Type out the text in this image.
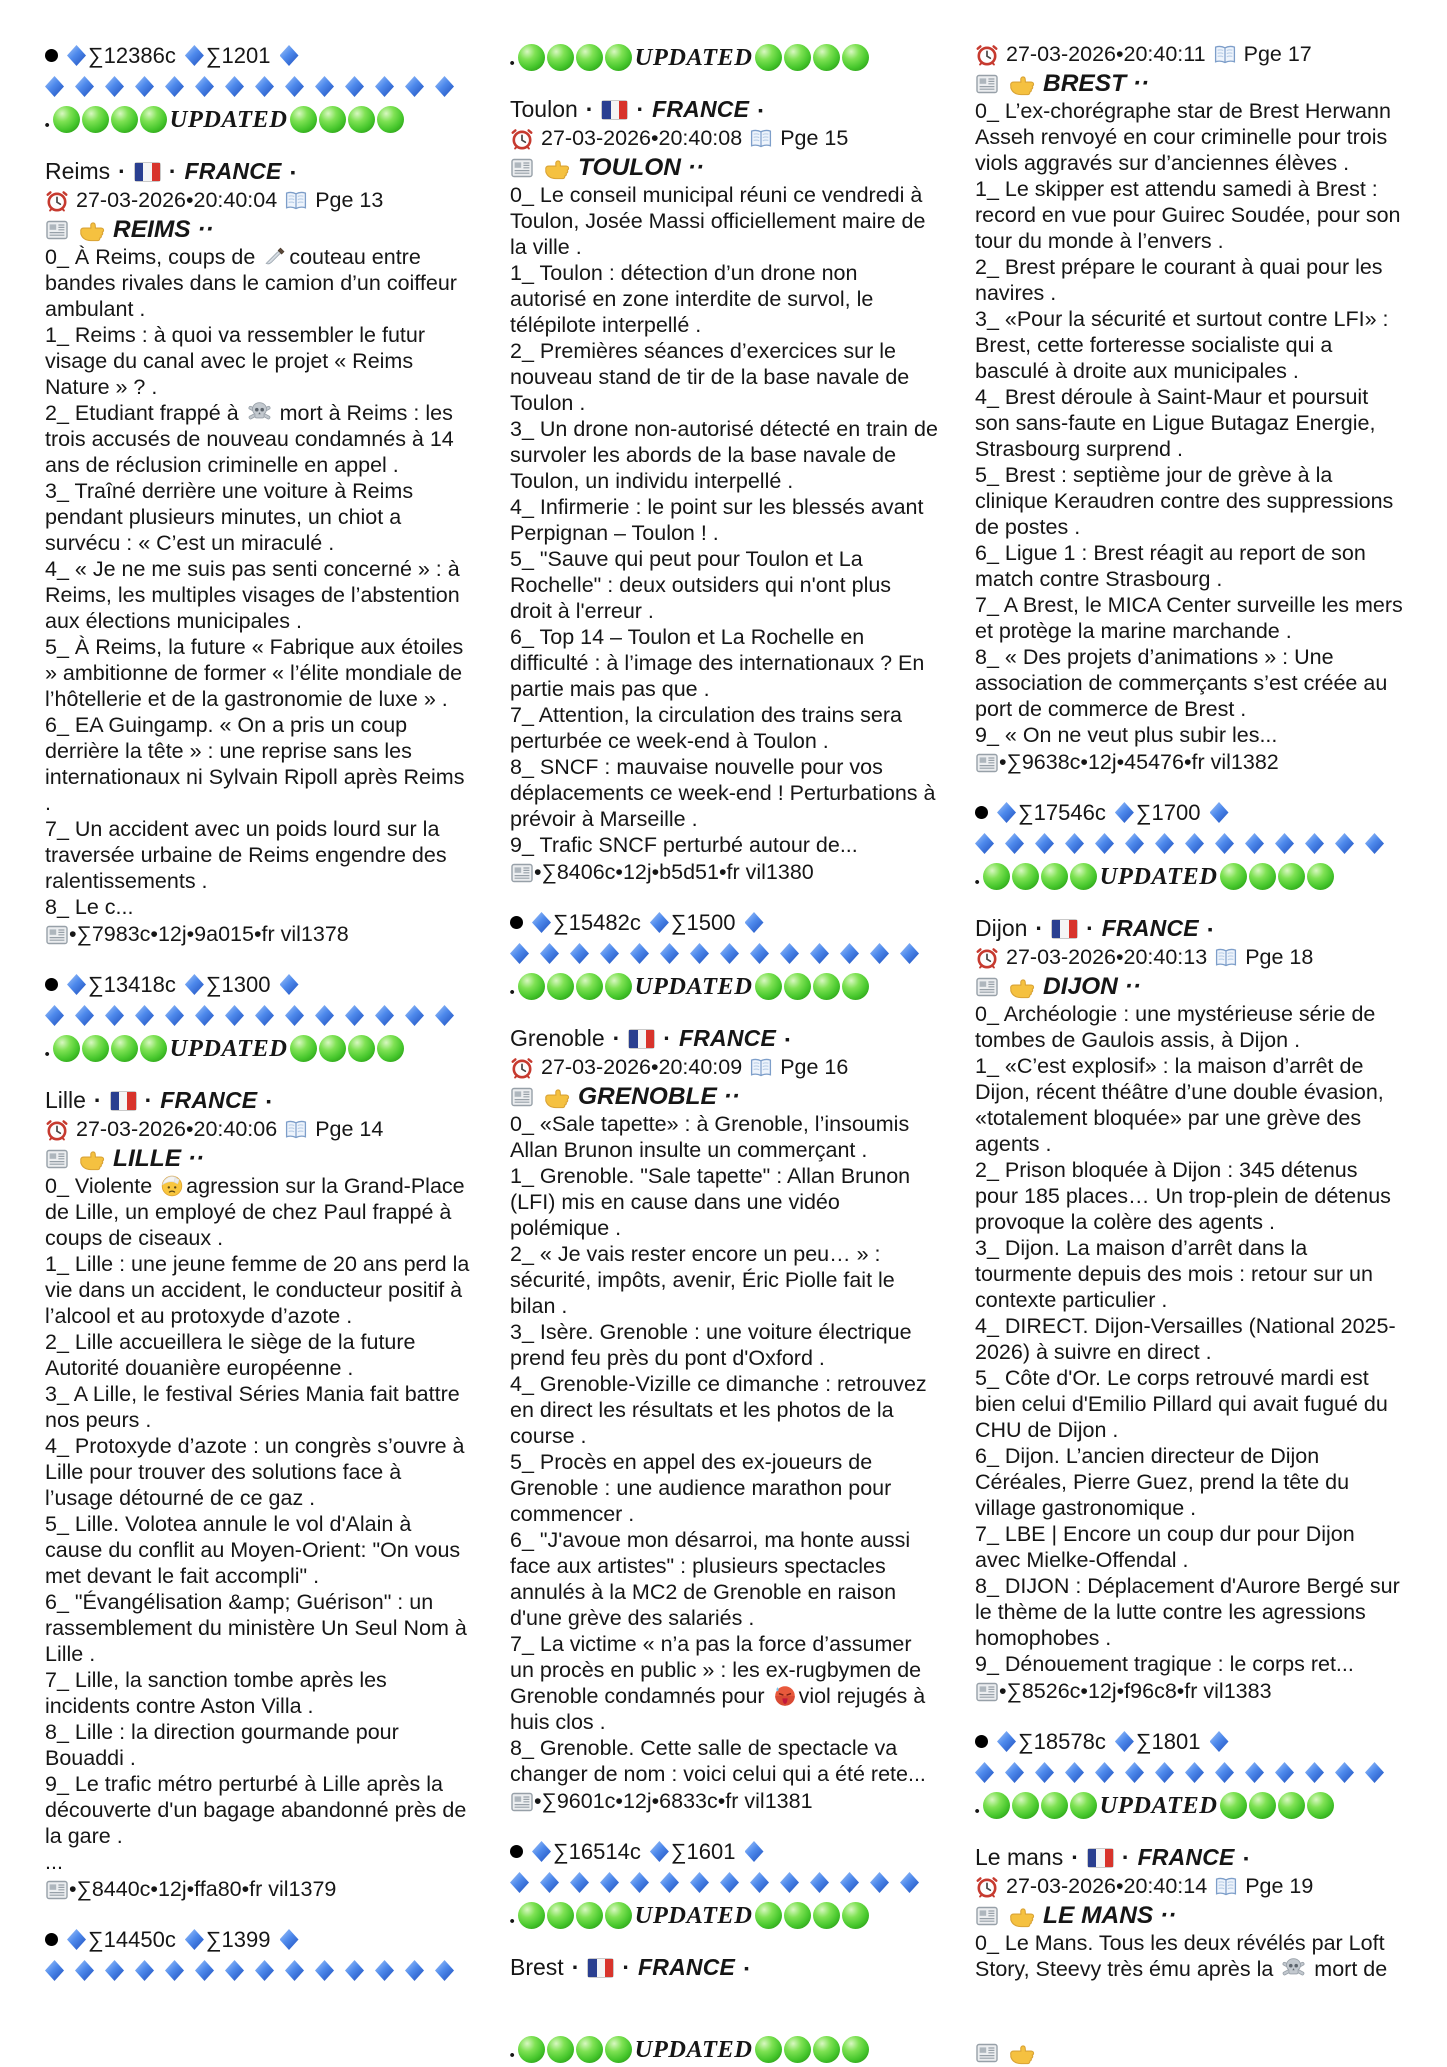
∑12386c ∑1201
.	UPDATED
Reims · · FRANCE ▪
27-03-2026•20:40:04 Pge 13
REIMS ··

0_ À Reims, coups de
couteau entre bandes rivales dans le camion d’un coiffeur ambulant .

1_ Reims : à quoi va ressembler le futur visage du canal avec le projet « Reims Nature » ? .

2_ Etudiant frappé à
mort à Reims : les trois accusés de nouveau condamnés à 14 ans de réclusion criminelle en appel .

3_ Traîné derrière une voiture à Reims pendant plusieurs minutes, un chiot a survécu : « C’est un miraculé .

4_ « Je ne me suis pas senti concerné » : à Reims, les multiples visages de l’abstention aux élections municipales .

5_ À Reims, la future « Fabrique aux étoiles » ambitionne de former « l’élite mondiale de l’hôtellerie et de la gastronomie de luxe » .

6_ EA Guingamp. « On a pris un coup derrière la tête » : une reprise sans les internationaux ni Sylvain Ripoll après Reims .

7_ Un accident avec un poids lourd sur la traversée urbaine de Reims engendre des ralentissements .

8_ Le c...

•∑7983c•12j•9a015•fr vil1378
∑13418c ∑1300
.	UPDATED
Lille · · FRANCE ▪
27-03-2026•20:40:06 Pge 14
LILLE ··

0_ Violente
agression sur la Grand-Place de Lille, un employé de chez Paul frappé à coups de ciseaux .

1_ Lille : une jeune femme de 20 ans perd la vie dans un accident, le conducteur positif à l’alcool et au protoxyde d’azote .

2_ Lille accueillera le siège de la future Autorité douanière européenne .

3_ A Lille, le festival Séries Mania fait battre nos peurs .

4_ Protoxyde d’azote : un congrès s’ouvre à Lille pour trouver des solutions face à l’usage détourné de ce gaz .

5_ Lille. Volotea annule le vol d'Alain à cause du conflit au Moyen-Orient: "On vous met devant le fait accompli" .

6_ "Évangélisation &amp; Guérison" : un rassemblement du ministère Un Seul Nom à Lille .

7_ Lille, la sanction tombe après les incidents contre Aston Villa .

8_ Lille : la direction gourmande pour Bouaddi .

9_ Le trafic métro perturbé à Lille après la découverte d'un bagage abandonné près de la gare .

...

•∑8440c•12j•ffa80•fr vil1379
∑14450c ∑1399
.	UPDATED
Toulon · · FRANCE ▪
27-03-2026•20:40:08 Pge 15
TOULON ··

0_ Le conseil municipal réuni ce vendredi à Toulon, Josée Massi officiellement maire de la ville .

1_ Toulon : détection d’un drone non autorisé en zone interdite de survol, le télépilote interpellé .

2_ Premières séances d’exercices sur le nouveau stand de tir de la base navale de Toulon .

3_ Un drone non-autorisé détecté en train de survoler les abords de la base navale de Toulon, un individu interpellé .

4_ Infirmerie : le point sur les blessés avant Perpignan – Toulon ! .

5_ "Sauve qui peut pour Toulon et La Rochelle" : deux outsiders qui n'ont plus droit à l'erreur .

6_ Top 14 – Toulon et La Rochelle en difficulté : à l’image des internationaux ? En partie mais pas que .

7_ Attention, la circulation des trains sera perturbée ce week-end à Toulon .

8_ SNCF : mauvaise nouvelle pour vos déplacements ce week-end ! Perturbations à prévoir à Marseille .

9_ Trafic SNCF perturbé autour de...

•∑8406c•12j•b5d51•fr vil1380
∑15482c ∑1500
.	UPDATED
Grenoble · · FRANCE ▪
27-03-2026•20:40:09 Pge 16
GRENOBLE ··

0_ «Sale tapette» : à Grenoble, l’insoumis Allan Brunon insulte un commerçant .

1_ Grenoble. "Sale tapette" : Allan Brunon (LFI) mis en cause dans une vidéo polémique .

2_ « Je vais rester encore un peu… » : sécurité, impôts, avenir, Éric Piolle fait le bilan .

3_ Isère. Grenoble : une voiture électrique prend feu près du pont d'Oxford .

4_ Grenoble-Vizille ce dimanche : retrouvez en direct les résultats et les photos de la course .

5_ Procès en appel des ex-joueurs de Grenoble : une audience marathon pour commencer .

6_ "J'avoue mon désarroi, ma honte aussi face aux artistes" : plusieurs spectacles annulés à la MC2 de Grenoble en raison d'une grève des salariés .

7_ La victime « n’a pas la force d’assumer un procès en public » : les ex-rugbymen de Grenoble condamnés pour
viol rejugés à huis clos .

8_ Grenoble. Cette salle de spectacle va changer de nom : voici celui qui a été rete...

•∑9601c•12j•6833c•fr vil1381
∑16514c ∑1601
.	UPDATED
Brest · · FRANCE ▪
.	UPDATED
27-03-2026•20:40:11 Pge 17
BREST ··

0_ L’ex-chorégraphe star de Brest Herwann Asseh renvoyé en cour criminelle pour trois viols aggravés sur d’anciennes élèves .

1_ Le skipper est attendu samedi à Brest : record en vue pour Guirec Soudée, pour son tour du monde à l’envers .

2_ Brest prépare le courant à quai pour les navires .

3_ «Pour la sécurité et surtout contre LFI» : Brest, cette forteresse socialiste qui a basculé à droite aux municipales .

4_ Brest déroule à Saint-Maur et poursuit son sans-faute en Ligue Butagaz Energie, Strasbourg surprend .

5_ Brest : septième jour de grève à la clinique Keraudren contre des suppressions de postes .

6_ Ligue 1 : Brest réagit au report de son match contre Strasbourg .

7_ A Brest, le MICA Center surveille les mers et protège la marine marchande .

8_ « Des projets d’animations » : Une association de commerçants s’est créée au port de commerce de Brest .

9_ « On ne veut plus subir les...

•∑9638c•12j•45476•fr vil1382
∑17546c ∑1700
.	UPDATED
Dijon · · FRANCE ▪
27-03-2026•20:40:13 Pge 18
DIJON ··

0_ Archéologie : une mystérieuse série de tombes de Gaulois assis, à Dijon .

1_ «C’est explosif» : la maison d’arrêt de Dijon, récent théâtre d’une double évasion, «totalement bloquée» par une grève des agents .

2_ Prison bloquée à Dijon : 345 détenus pour 185 places… Un trop-plein de détenus provoque la colère des agents .

3_ Dijon. La maison d’arrêt dans la tourmente depuis des mois : retour sur un contexte particulier .

4_ DIRECT. Dijon-Versailles (National 2025-2026) à suivre en direct .

5_ Côte d'Or. Le corps retrouvé mardi est bien celui d'Emilio Pillard qui avait fugué du CHU de Dijon .

6_ Dijon. L’ancien directeur de Dijon Céréales, Pierre Guez, prend la tête du village gastronomique .

7_ LBE | Encore un coup dur pour Dijon avec Mielke-Offendal .

8_ DIJON : Déplacement d'Aurore Bergé sur le thème de la lutte contre les agressions homophobes .

9_ Dénouement tragique : le corps ret...

•∑8526c•12j•f96c8•fr vil1383
∑18578c ∑1801
.	UPDATED
Le mans · · FRANCE ▪
27-03-2026•20:40:14 Pge 19
LE MANS ··

0_ Le Mans. Tous les deux révélés par Loft Story, Steevy très ému après la
mort de
